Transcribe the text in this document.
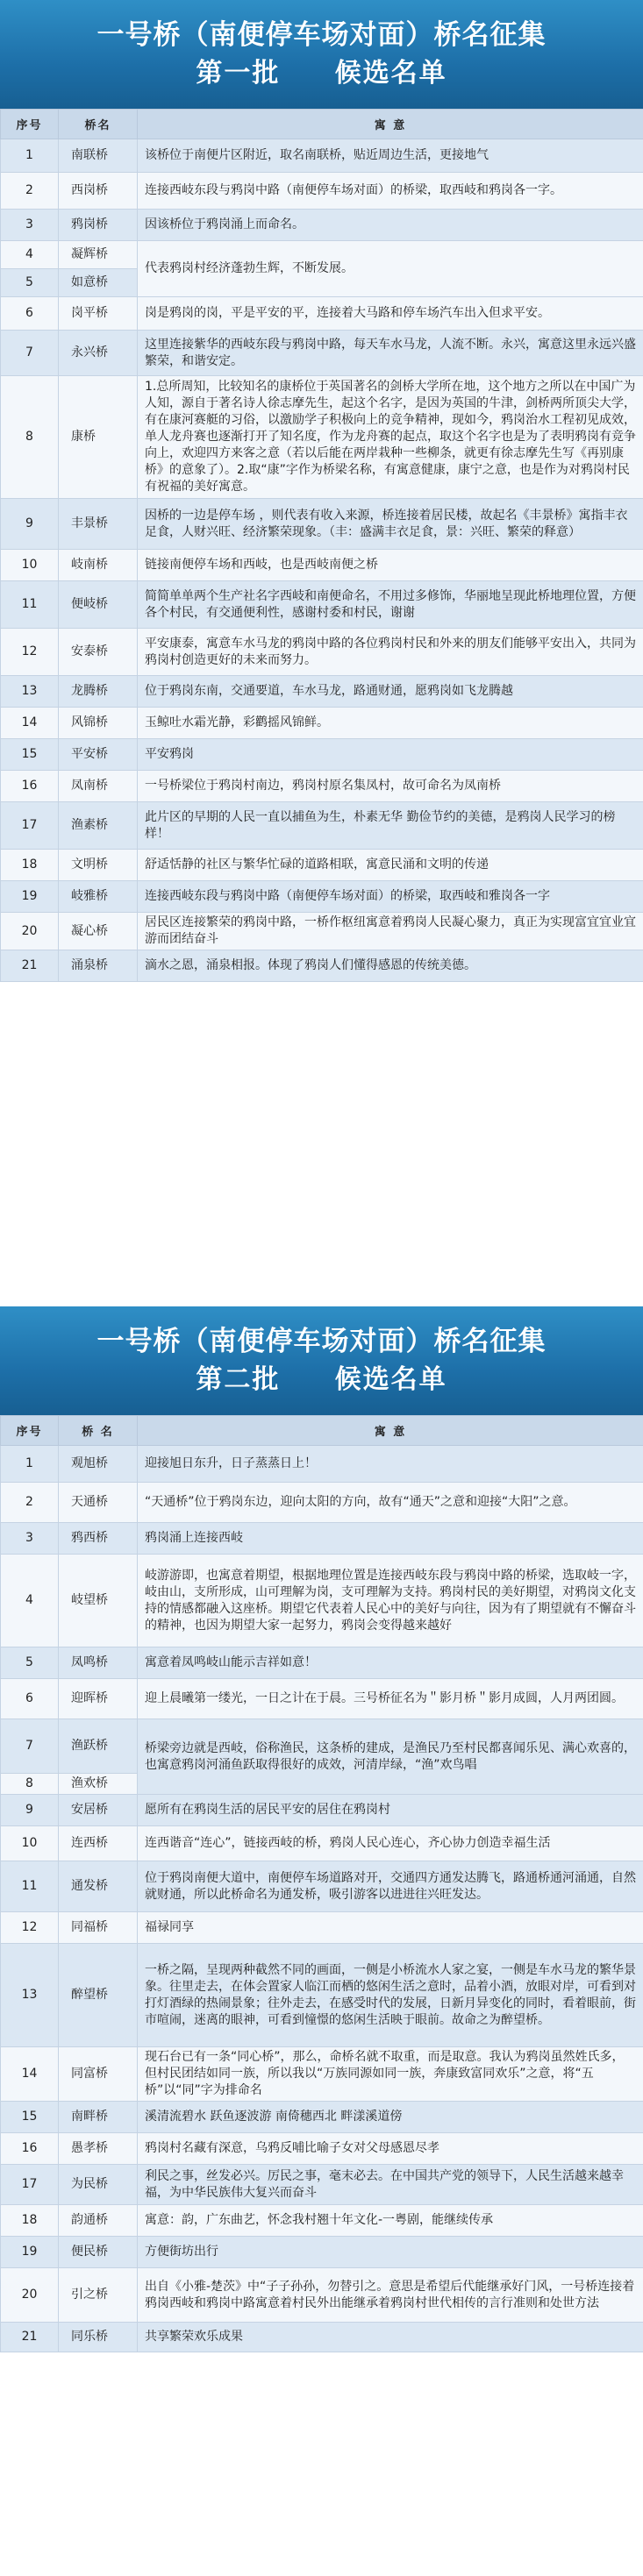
一号桥（南便停车场对面）桥名征集
第一批     候选名单
序号	桥名	寓 意
1	南联桥	该桥位于南便片区附近，取名南联桥，贴近周边生活，更接地气
2	西岗桥	连接西岐东段与鸦岗中路（南便停车场对面）的桥梁，取西岐和鸦岗各一字。
3	鸦岗桥	因该桥位于鸦岗涌上而命名。
4	凝辉桥	代表鸦岗村经济蓬勃生辉，不断发展。
5	如意桥	
6	岗平桥	岗是鸦岗的岗，平是平安的平，连接着大马路和停车场汽车出入但求平安。
7	永兴桥	这里连接紫华的西岐东段与鸦岗中路，每天车水马龙，人流不断。永兴，寓意这里永远兴盛繁荣，和谐安定。
8	康桥	1.总所周知，比较知名的康桥位于英国著名的剑桥大学所在地，这个地方之所以在中国广为人知，源自于著名诗人徐志摩先生，起这个名字，是因为英国的牛津，剑桥两所顶尖大学，有在康河赛艇的习俗，以激励学子积极向上的竞争精神，现如今，鸦岗治水工程初见成效，单人龙舟赛也逐渐打开了知名度，作为龙舟赛的起点，取这个名字也是为了表明鸦岗有竞争向上，欢迎四方来客之意（若以后能在两岸栽种一些柳条，就更有徐志摩先生写《再别康桥》的意象了）。2.取“康”字作为桥梁名称，有寓意健康，康宁之意，也是作为对鸦岗村民有祝福的美好寓意。
9	丰景桥	因桥的一边是停车场 ，则代表有收入来源，桥连接着居民楼，故起名《丰景桥》寓指丰衣足食，人财兴旺、经济繁荣现象。（丰：盛满丰衣足食，景：兴旺、繁荣的释意）
10	岐南桥	链接南便停车场和西岐，也是西岐南便之桥
11	便岐桥	简简单单两个生产社名字西岐和南便命名，不用过多修饰，华丽地呈现此桥地理位置，方便各个村民，有交通便利性，感谢村委和村民，谢谢
12	安泰桥	平安康泰，寓意车水马龙的鸦岗中路的各位鸦岗村民和外来的朋友们能够平安出入，共同为鸦岗村创造更好的未来而努力。
13	龙腾桥	位于鸦岗东南，交通要道，车水马龙，路通财通，愿鸦岗如飞龙腾越
14	风锦桥	玉鲸吐水霜光静，彩鹳摇风锦鲜。
15	平安桥	平安鸦岗
16	凤南桥	一号桥梁位于鸦岗村南边，鸦岗村原名集凤村，故可命名为凤南桥
17	渔素桥	此片区的早期的人民一直以捕鱼为生，朴素无华 勤俭节约的美德，是鸦岗人民学习的榜样！
18	文明桥	舒适恬静的社区与繁华忙碌的道路相联，寓意民涌和文明的传递
19	岐雅桥	连接西岐东段与鸦岗中路（南便停车场对面）的桥梁，取西岐和雅岗各一字
20	凝心桥	居民区连接繁荣的鸦岗中路，一桥作枢纽寓意着鸦岗人民凝心聚力，真正为实现富宜宜业宜游而团结奋斗
21	涌泉桥	滴水之恩，涌泉相报。体现了鸦岗人们懂得感恩的传统美德。
一号桥（南便停车场对面）桥名征集
第二批     候选名单
序号	桥 名	寓 意
1	观旭桥	迎接旭日东升，日子蒸蒸日上！
2	天通桥	“天通桥”位于鸦岗东边，迎向太阳的方向，故有“通天”之意和迎接“大阳”之意。
3	鸦西桥	鸦岗涌上连接西岐
4	岐望桥	岐游游即，也寓意着期望，根据地理位置是连接西岐东段与鸦岗中路的桥梁，选取岐一字，岐由山，支所形成，山可理解为岗，支可理解为支持。鸦岗村民的美好期望，对鸦岗文化支持的情感都融入这座桥。期望它代表着人民心中的美好与向往，因为有了期望就有不懈奋斗的精神，也因为期望大家一起努力，鸦岗会变得越来越好
5	凤鸣桥	寓意着凤鸣岐山能示吉祥如意！
6	迎晖桥	迎上晨曦第一缕光，一日之计在于晨。三号桥征名为＂影月桥＂影月成圆，人月两团圆。
7	渔跃桥	桥梁旁边就是西岐，俗称渔民，这条桥的建成，是渔民乃至村民都喜闻乐见、满心欢喜的，也寓意鸦岗河涌鱼跃取得很好的成效，河清岸绿，“渔”欢鸟唱
8	渔欢桥	
9	安居桥	愿所有在鸦岗生活的居民平安的居住在鸦岗村
10	连西桥	连西谐音“连心”，链接西岐的桥，鸦岗人民心连心，齐心协力创造幸福生活
11	通发桥	位于鸦岗南便大道中，南便停车场道路对开，交通四方通发达腾飞，路通桥通河涌通，自然就财通，所以此桥命名为通发桥，吸引游客以进进往兴旺发达。
12	同福桥	福禄同享
13	醉望桥	一桥之隔，呈现两种截然不同的画面，一侧是小桥流水人家之宴，一侧是车水马龙的繁华景象。往里走去，在体会置家人临江而栖的悠闲生活之意时，品着小酒，放眼对岸，可看到对打灯酒绿的热闹景象；往外走去，在感受时代的发展，日新月异变化的同时，看着眼前，街市喧闹，迷离的眼神，可看到憧憬的悠闲生活映于眼前。故命之为醉望桥。
14	同富桥	现石台已有一条“同心桥”，那么，命桥名就不取重，而是取意。我认为鸦岗虽然姓氏多，但村民团结如同一族，所以我以“万族同源如同一族，奔康致富同欢乐”之意，将“五桥”以“同”字为排命名
15	南畔桥	溪清流碧水 跃鱼逐波游 南倚穗西北 畔漾溪道傍
16	愚孝桥	鸦岗村名藏有深意，乌鸦反哺比喻子女对父母感恩尽孝
17	为民桥	利民之事，丝发必兴。厉民之事，毫末必去。在中国共产党的领导下，人民生活越来越幸福，为中华民族伟大复兴而奋斗
18	韵通桥	寓意：韵，广东曲艺，怀念我村翘十年文化-一粤剧，能继续传承
19	便民桥	方便街坊出行
20	引之桥	出自《小雅-楚茨》中“子子孙孙，勿替引之。意思是希望后代能继承好门风，一号桥连接着鸦岗西岐和鸦岗中路寓意着村民外出能继承着鸦岗村世代相传的言行准则和处世方法
21	同乐桥	共享繁荣欢乐成果
